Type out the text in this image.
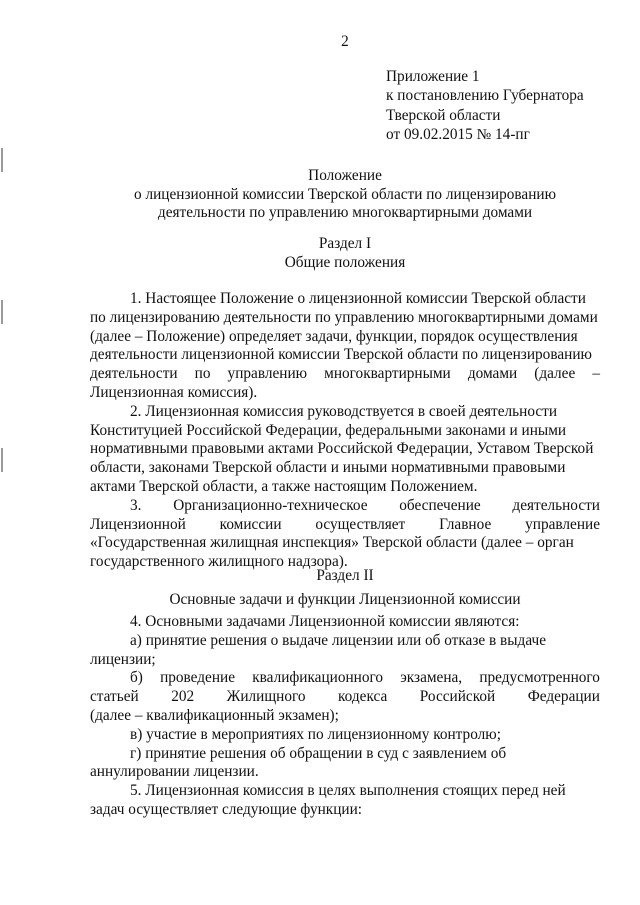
2
Приложение 1
к постановлению Губернатора
Тверской области
от 09.02.2015 № 14-пг
Положение
о лицензионной комиссии Тверской области по лицензированию
деятельности по управлению многоквартирными домами
Раздел I
Общие положения
1. Настоящее Положение о лицензионной комиссии Тверской области
по лицензированию деятельности по управлению многоквартирными домами
(далее – Положение) определяет задачи, функции, порядок осуществления
деятельности лицензионной комиссии Тверской области по лицензированию
деятельности по управлению многоквартирными домами (далее –
Лицензионная комиссия).
2. Лицензионная комиссия руководствуется в своей деятельности
Конституцией Российской Федерации, федеральными законами и иными
нормативными правовыми актами Российской Федерации, Уставом Тверской
области, законами Тверской области и иными нормативными правовыми
актами Тверской области, а также настоящим Положением.
3. Организационно-техническое обеспечение деятельности
Лицензионной комиссии осуществляет Главное управление
«Государственная жилищная инспекция» Тверской области (далее – орган
государственного жилищного надзора).
Раздел II
Основные задачи и функции Лицензионной комиссии
4. Основными задачами Лицензионной комиссии являются:
а) принятие решения о выдаче лицензии или об отказе в выдаче
лицензии;
б) проведение квалификационного экзамена, предусмотренного
статьей 202 Жилищного кодекса Российской Федерации
(далее – квалификационный экзамен);
в) участие в мероприятиях по лицензионному контролю;
г) принятие решения об обращении в суд с заявлением об
аннулировании лицензии.
5. Лицензионная комиссия в целях выполнения стоящих перед ней
задач осуществляет следующие функции:
